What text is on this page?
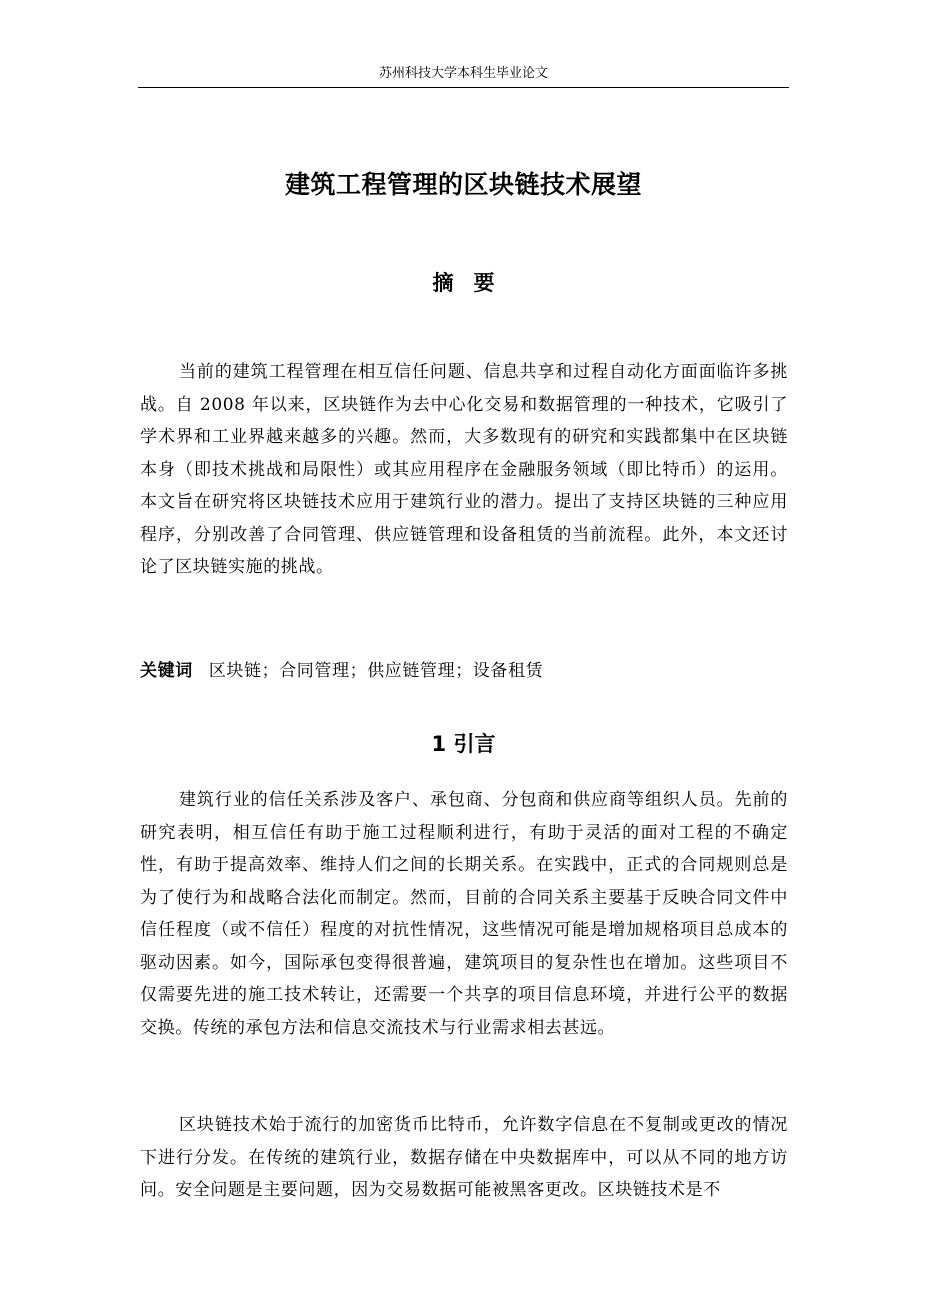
苏州科技大学本科生毕业论文
建筑工程管理的区块链技术展望
摘要

当前的建筑工程管理在相互信任问题、信息共享和过程自动化方面面临许多挑战。自 2008 年以来，区块链作为去中心化交易和数据管理的一种技术，它吸引了学术界和工业界越来越多的兴趣。然而，大多数现有的研究和实践都集中在区块链本身（即技术挑战和局限性）或其应用程序在金融服务领域（即比特币）的运用。本文旨在研究将区块链技术应用于建筑行业的潜力。提出了支持区块链的三种应用程序，分别改善了合同管理、供应链管理和设备租赁的当前流程。此外，本文还讨论了区块链实施的挑战。

关键词 区块链；合同管理；供应链管理；设备租赁
1 引言

建筑行业的信任关系涉及客户、承包商、分包商和供应商等组织人员。先前的研究表明，相互信任有助于施工过程顺利进行，有助于灵活的面对工程的不确定性，有助于提高效率、维持人们之间的长期关系。在实践中，正式的合同规则总是为了使行为和战略合法化而制定。然而，目前的合同关系主要基于反映合同文件中信任程度（或不信任）程度的对抗性情况，这些情况可能是增加规格项目总成本的驱动因素。如今，国际承包变得很普遍，建筑项目的复杂性也在增加。这些项目不仅需要先进的施工技术转让，还需要一个共享的项目信息环境，并进行公平的数据交换。传统的承包方法和信息交流技术与行业需求相去甚远。

区块链技术始于流行的加密货币比特币，允许数字信息在不复制或更改的情况下进行分发。在传统的建筑行业，数据存储在中央数据库中，可以从不同的地方访问。安全问题是主要问题，因为交易数据可能被黑客更改。区块链技术是不
